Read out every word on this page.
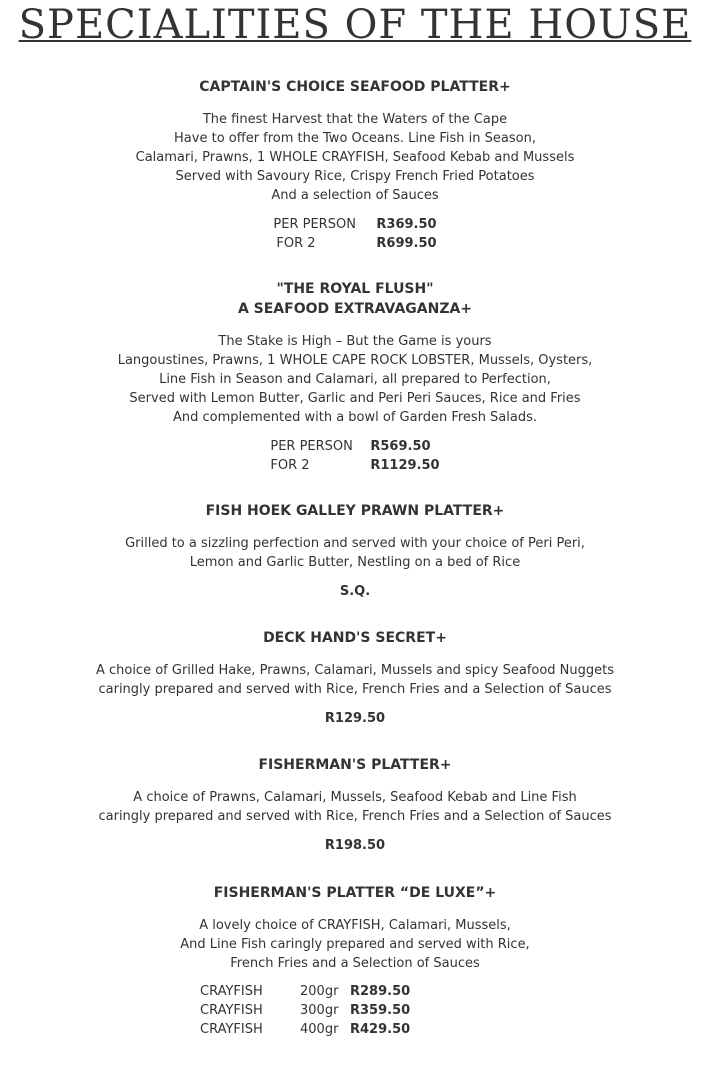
SPECIALITIES OF THE HOUSE
CAPTAIN'S CHOICE SEAFOOD PLATTER+
The finest Harvest that the Waters of the Cape
Have to offer from the Two Oceans. Line Fish in Season,
Calamari, Prawns, 1 WHOLE CRAYFISH, Seafood Kebab and Mussels
Served with Savoury Rice, Crispy French Fried Potatoes
And a selection of Sauces
PER PERSON	R369.50
FOR 2	R699.50
"THE ROYAL FLUSH"
A SEAFOOD EXTRAVAGANZA+
The Stake is High – But the Game is yours
Langoustines, Prawns, 1 WHOLE CAPE ROCK LOBSTER, Mussels, Oysters,
Line Fish in Season and Calamari, all prepared to Perfection,
Served with Lemon Butter, Garlic and Peri Peri Sauces, Rice and Fries
And complemented with a bowl of Garden Fresh Salads.
PER PERSON	R569.50
FOR 2	R1129.50
FISH HOEK GALLEY PRAWN PLATTER+
Grilled to a sizzling perfection and served with your choice of Peri Peri,
Lemon and Garlic Butter, Nestling on a bed of Rice
S.Q.
DECK HAND'S SECRET+
A choice of Grilled Hake, Prawns, Calamari, Mussels and spicy Seafood Nuggets
caringly prepared and served with Rice, French Fries and a Selection of Sauces
R129.50
FISHERMAN'S PLATTER+
A choice of Prawns, Calamari, Mussels, Seafood Kebab and Line Fish
caringly prepared and served with Rice, French Fries and a Selection of Sauces
R198.50
FISHERMAN'S PLATTER “DE LUXE”+
A lovely choice of CRAYFISH, Calamari, Mussels,
And Line Fish caringly prepared and served with Rice,
French Fries and a Selection of Sauces
CRAYFISH	200gr	R289.50
CRAYFISH	300gr	R359.50
CRAYFISH	400gr	R429.50
